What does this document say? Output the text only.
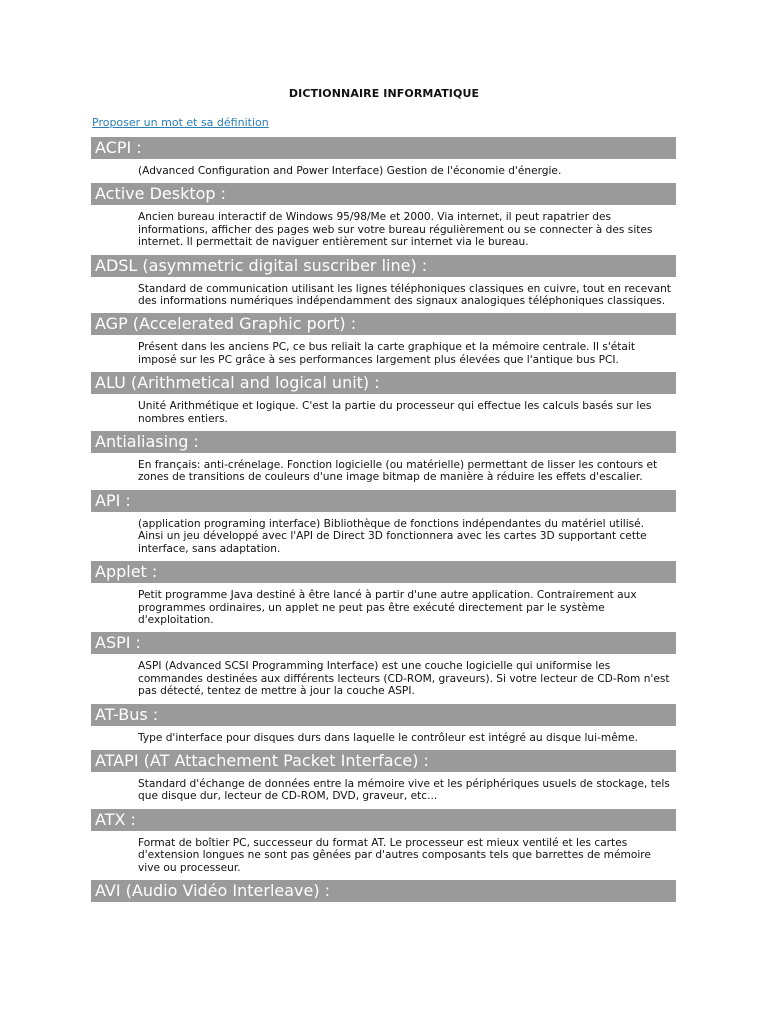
DICTIONNAIRE INFORMATIQUE
Proposer un mot et sa définition
ACPI :
(Advanced Configuration and Power Interface) Gestion de l'économie d'énergie.
Active Desktop :
Ancien bureau interactif de Windows 95/98/Me et 2000. Via internet, il peut rapatrier des informations, afficher des pages web sur votre bureau régulièrement ou se connecter à des sites internet. Il permettait de naviguer entièrement sur internet via le bureau.
ADSL (asymmetric digital suscriber line) :
Standard de communication utilisant les lignes téléphoniques classiques en cuivre, tout en recevant des informations numériques indépendamment des signaux analogiques téléphoniques classiques.
AGP (Accelerated Graphic port) :
Présent dans les anciens PC, ce bus reliait la carte graphique et la mémoire centrale. Il s'était imposé sur les PC grâce à ses performances largement plus élevées que l'antique bus PCI.
ALU (Arithmetical and logical unit) :
Unité Arithmétique et logique. C'est la partie du processeur qui effectue les calculs basés sur les nombres entiers.
Antialiasing :
En français: anti-crénelage. Fonction logicielle (ou matérielle) permettant de lisser les contours et zones de transitions de couleurs d'une image bitmap de manière à réduire les effets d'escalier.
API :
(application programing interface) Bibliothèque de fonctions indépendantes du matériel utilisé. Ainsi un jeu développé avec l'API de Direct 3D fonctionnera avec les cartes 3D supportant cette interface, sans adaptation.
Applet :
Petit programme Java destiné à être lancé à partir d'une autre application. Contrairement aux programmes ordinaires, un applet ne peut pas être exécuté directement par le système d'exploitation.
ASPI :
ASPI (Advanced SCSI Programming Interface) est une couche logicielle qui uniformise les commandes destinées aux différents lecteurs (CD-ROM, graveurs). Si votre lecteur de CD-Rom n'est pas détecté, tentez de mettre à jour la couche ASPI.
AT-Bus :
Type d'interface pour disques durs dans laquelle le contrôleur est intégré au disque lui-même.
ATAPI (AT Attachement Packet Interface) :
Standard d'échange de données entre la mémoire vive et les périphériques usuels de stockage, tels que disque dur, lecteur de CD-ROM, DVD, graveur, etc...
ATX :
Format de boîtier PC, successeur du format AT. Le processeur est mieux ventilé et les cartes d'extension longues ne sont pas gênées par d'autres composants tels que barrettes de mémoire vive ou processeur.
AVI (Audio Vidéo Interleave) :
